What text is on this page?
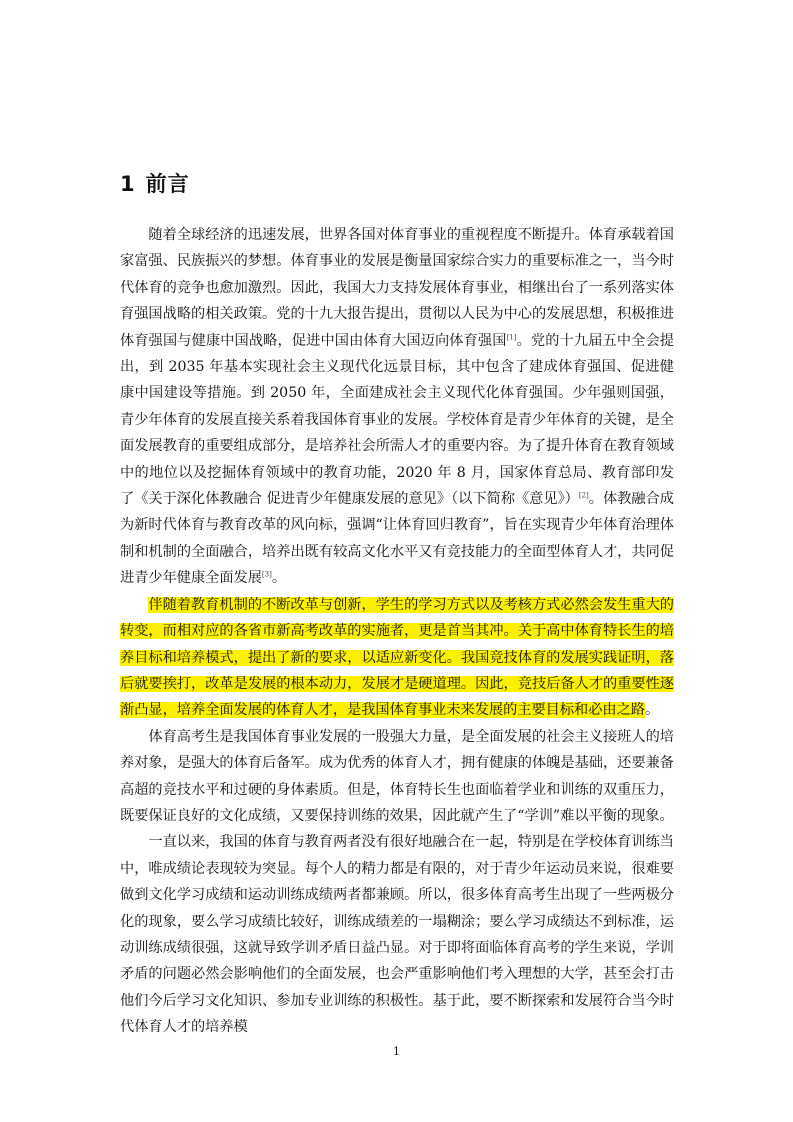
1 前言

随着全球经济的迅速发展，世界各国对体育事业的重视程度不断提升。体育承载着国家富强、民族振兴的梦想。体育事业的发展是衡量国家综合实力的重要标准之一，当今时代体育的竞争也愈加激烈。因此，我国大力支持发展体育事业，相继出台了一系列落实体育强国战略的相关政策。党的十九大报告提出，贯彻以人民为中心的发展思想，积极推进体育强国与健康中国战略，促进中国由体育大国迈向体育强国[1]。党的十九届五中全会提出，到 2035 年基本实现社会主义现代化远景目标，其中包含了建成体育强国、促进健康中国建设等措施。到 2050 年，全面建成社会主义现代化体育强国。少年强则国强，青少年体育的发展直接关系着我国体育事业的发展。学校体育是青少年体育的关键，是全面发展教育的重要组成部分，是培养社会所需人才的重要内容。为了提升体育在教育领域中的地位以及挖掘体育领域中的教育功能，2020 年 8 月，国家体育总局、教育部印发了《关于深化体教融合 促进青少年健康发展的意见》（以下简称《意见》）[2]。体教融合成为新时代体育与教育改革的风向标，强调“让体育回归教育”，旨在实现青少年体育治理体制和机制的全面融合，培养出既有较高文化水平又有竞技能力的全面型体育人才，共同促进青少年健康全面发展[3]。

伴随着教育机制的不断改革与创新，学生的学习方式以及考核方式必然会发生重大的转变，而相对应的各省市新高考改革的实施者，更是首当其冲。关于高中体育特长生的培养目标和培养模式，提出了新的要求，以适应新变化。我国竞技体育的发展实践证明，落后就要挨打，改革是发展的根本动力，发展才是硬道理。因此，竞技后备人才的重要性逐渐凸显，培养全面发展的体育人才，是我国体育事业未来发展的主要目标和必由之路。

体育高考生是我国体育事业发展的一股强大力量，是全面发展的社会主义接班人的培养对象，是强大的体育后备军。成为优秀的体育人才，拥有健康的体魄是基础，还要兼备高超的竞技水平和过硬的身体素质。但是，体育特长生也面临着学业和训练的双重压力，既要保证良好的文化成绩，又要保持训练的效果，因此就产生了“学训”难以平衡的现象。

一直以来，我国的体育与教育两者没有很好地融合在一起，特别是在学校体育训练当中，唯成绩论表现较为突显。每个人的精力都是有限的，对于青少年运动员来说，很难要做到文化学习成绩和运动训练成绩两者都兼顾。所以，很多体育高考生出现了一些两极分化的现象，要么学习成绩比较好，训练成绩差的一塌糊涂；要么学习成绩达不到标准，运动训练成绩很强，这就导致学训矛盾日益凸显。对于即将面临体育高考的学生来说，学训矛盾的问题必然会影响他们的全面发展，也会严重影响他们考入理想的大学，甚至会打击他们今后学习文化知识、参加专业训练的积极性。基于此，要不断探索和发展符合当今时代体育人才的培养模

1
